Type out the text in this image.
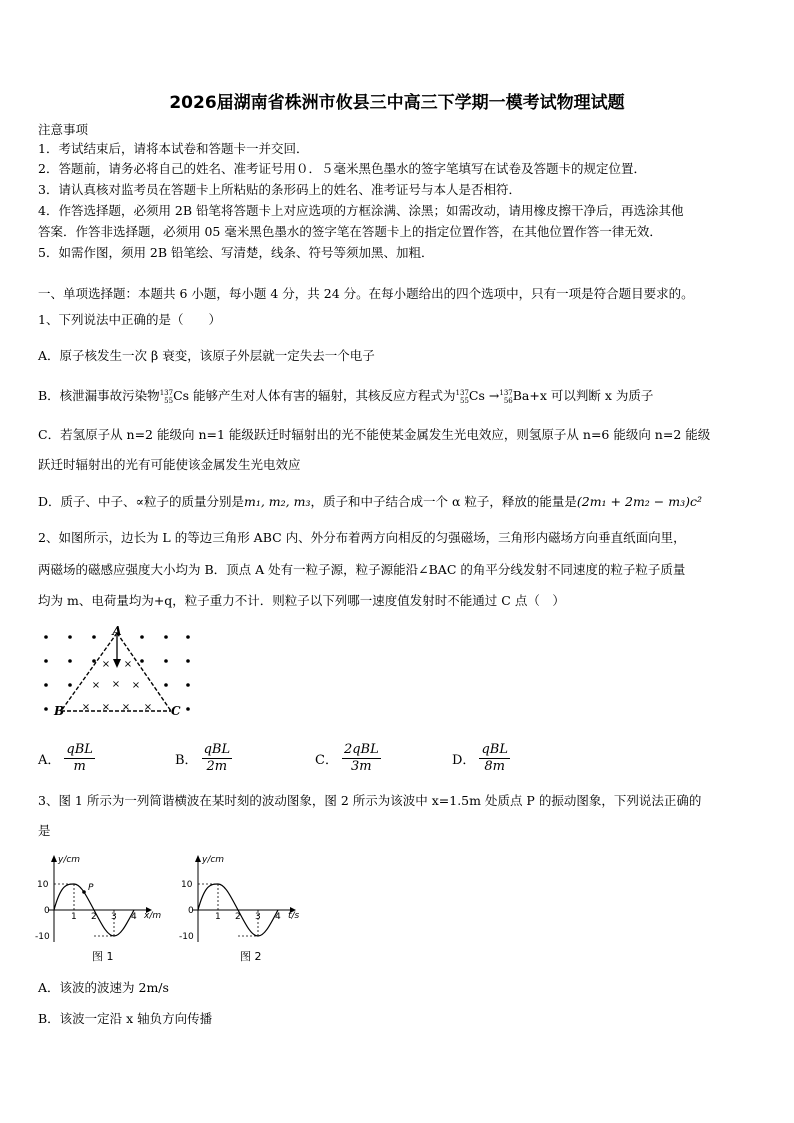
2026届湖南省株洲市攸县三中高三下学期一模考试物理试题
注意事项
1．考试结束后，请将本试卷和答题卡一并交回．
2．答题前，请务必将自己的姓名、准考证号用０．５毫米黑色墨水的签字笔填写在试卷及答题卡的规定位置．
3．请认真核对监考员在答题卡上所粘贴的条形码上的姓名、准考证号与本人是否相符．
4．作答选择题，必须用 2B 铅笔将答题卡上对应选项的方框涂满、涂黑；如需改动，请用橡皮擦干净后，再选涂其他
答案．作答非选择题，必须用 05 毫米黑色墨水的签字笔在答题卡上的指定位置作答，在其他位置作答一律无效．
5．如需作图，须用 2B 铅笔绘、写清楚，线条、符号等须加黑、加粗．
一、单项选择题：本题共 6 小题，每小题 4 分，共 24 分。在每小题给出的四个选项中，只有一项是符合题目要求的。
1、下列说法中正确的是（　　）
A．原子核发生一次 β 衰变，该原子外层就一定失去一个电子
B．核泄漏事故污染物137
55Cs 能够产生对人体有害的辐射，其核反应方程式为137
55Cs →137
56Ba+x 可以判断 x 为质子
C．若氢原子从 n=2 能级向 n=1 能级跃迁时辐射出的光不能使某金属发生光电效应，则氢原子从 n=6 能级向 n=2 能级
跃迁时辐射出的光有可能使该金属发生光电效应
D．质子、中子、∝粒子的质量分别是m₁, m₂, m₃，质子和中子结合成一个 α 粒子，释放的能量是(2m₁ + 2m₂ − m₃)c²
2、如图所示，边长为 L 的等边三角形 ABC 内、外分布着两方向相反的匀强磁场，三角形内磁场方向垂直纸面向里，
两磁场的磁感应强度大小均为 B．顶点 A 处有一粒子源，粒子源能沿∠BAC 的角平分线发射不同速度的粒子粒子质量
均为 m、电荷量均为+q，粒子重力不计．则粒子以下列哪一速度值发射时不能通过 C 点（　）
× ×
× × ×
× × × ×
A
B	C
A． $\frac{\text{qBL}}{m}$	B． $\frac{\text{qBL}}{2m}$	C． $\frac{\text{2qBL}}{3m}$	D． $\frac{\text{qBL}}{8m}$
3、图 1 所示为一列简谐横波在某时刻的波动图象，图 2 所示为该波中 x=1.5m 处质点 P 的振动图象，下列说法正确的
是
P
y/cm
x/m
10
0
-10
1 2 3 4
图 1
y/cm
t/s
10
0
-10
1 2 3 4
图 2
A．该波的波速为 2m/s
B．该波一定沿 x 轴负方向传播
